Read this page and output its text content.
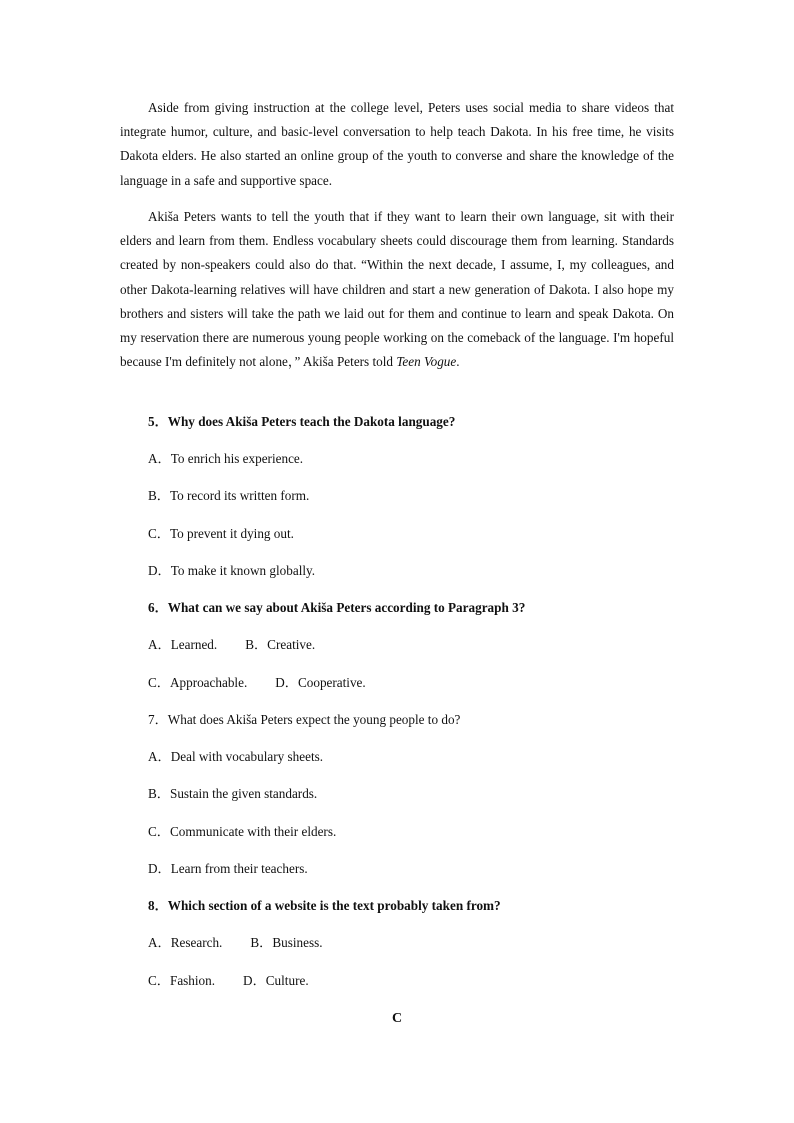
Aside from giving instruction at the college level, Peters uses social media to share videos that integrate humor, culture, and basic-level conversation to help teach Dakota. In his free time, he visits Dakota elders. He also started an online group of the youth to converse and share the knowledge of the language in a safe and supportive space.

Akiša Peters wants to tell the youth that if they want to learn their own language, sit with their elders and learn from them. Endless vocabulary sheets could discourage them from learning. Standards created by non-speakers could also do that. “Within the next decade, I assume, I, my colleagues, and other Dakota-learning relatives will have children and start a new generation of Dakota. I also hope my brothers and sisters will take the path we laid out for them and continue to learn and speak Dakota. On my reservation there are numerous young people working on the comeback of the language. I'm hopeful because I'm definitely not alone，” Akiša Peters told Teen Vogue.

5．Why does Akiša Peters teach the Dakota language?

A．To enrich his experience.

B．To record its written form.

C．To prevent it dying out.

D．To make it known globally.

6．What can we say about Akiša Peters according to Paragraph 3?

A．Learned. B．Creative.

C．Approachable. D．Cooperative.

7．What does Akiša Peters expect the young people to do?

A．Deal with vocabulary sheets.

B．Sustain the given standards.

C．Communicate with their elders.

D．Learn from their teachers.

8．Which section of a website is the text probably taken from?

A．Research. B．Business.

C．Fashion. D．Culture.

C
